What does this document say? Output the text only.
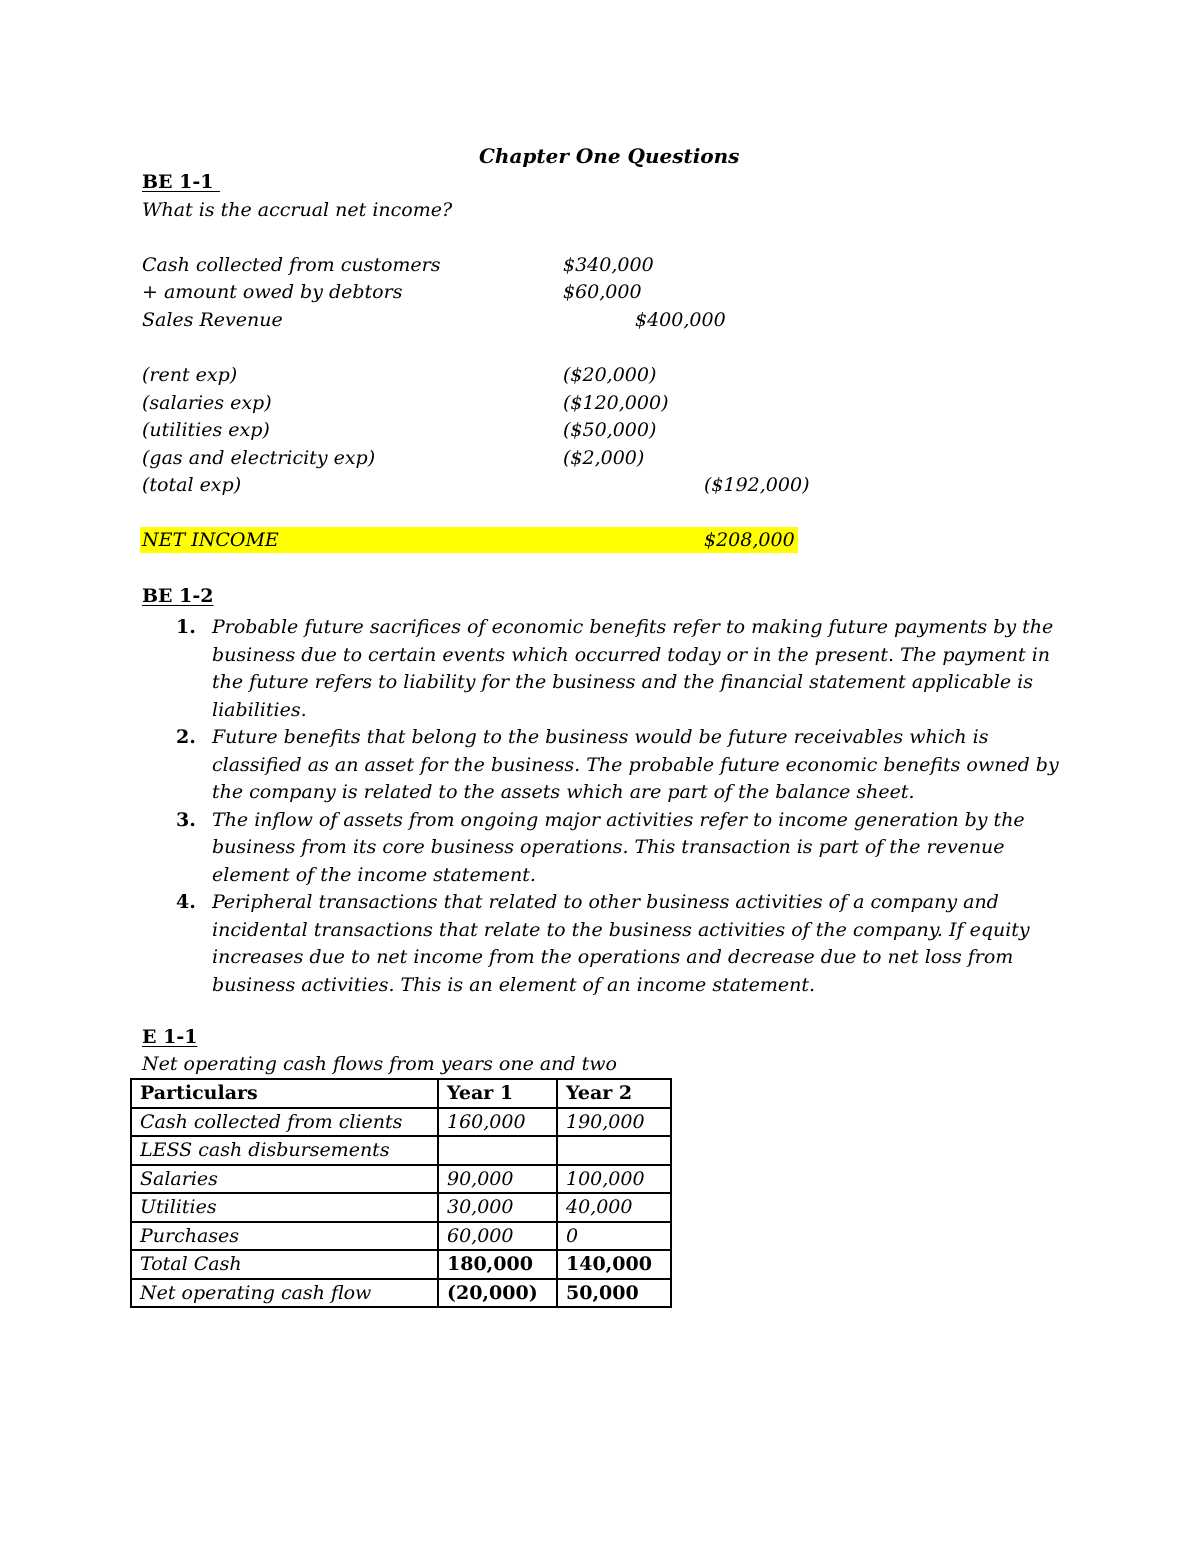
Chapter One Questions
BE 1-1
What is the accrual net income?
Cash collected from customers	$340,000
+ amount owed by debtors	$60,000
Sales Revenue	$400,000
(rent exp)	($20,000)
(salaries exp)	($120,000)
(utilities exp)	($50,000)
(gas and electricity exp)	($2,000)
(total exp)	($192,000)
NET INCOME	$208,000
BE 1-2
1. Probable future sacrifices of economic benefits refer to making future payments by the business due to certain events which occurred today or in the present. The payment in the future refers to liability for the business and the financial statement applicable is liabilities.
2. Future benefits that belong to the business would be future receivables which is classified as an asset for the business. The probable future economic benefits owned by the company is related to the assets which are part of the balance sheet.
3. The inflow of assets from ongoing major activities refer to income generation by the business from its core business operations. This transaction is part of the revenue element of the income statement.
4. Peripheral transactions that related to other business activities of a company and incidental transactions that relate to the business activities of the company. If equity increases due to net income from the operations and decrease due to net loss from business activities. This is an element of an income statement.
E 1-1
Net operating cash flows from years one and two
Particulars	Year 1	Year 2
Cash collected from clients	160,000	190,000
LESS cash disbursements		
Salaries	90,000	100,000
Utilities	30,000	40,000
Purchases	60,000	0
Total Cash	180,000	140,000
Net operating cash flow	(20,000)	50,000
